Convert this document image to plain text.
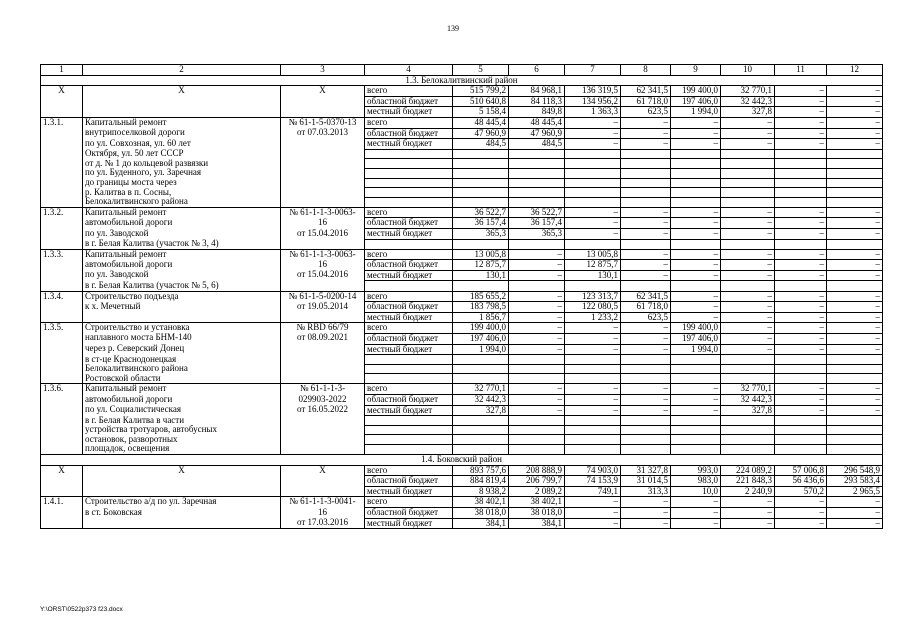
139
1	2	3	4	5	6	7	8	9	10	11	12
1.3. Белокалитвинский район											
X	X	X	всего	515 799,2	84 968,1	136 319,5	62 341,5	199 400,0	32 770,1	–	–
			областной бюджет	510 640,8	84 118,3	134 956,2	61 718,0	197 406,0	32 442,3	–	–
			местный бюджет	5 158,4	849,8	1 363,3	623,5	1 994,0	327,8	–	–
1.3.1.	Капитальный ремонт	№ 61-1-5-0370-13	всего	48 445,4	48 445,4	–	–	–	–	–	–
	внутрипоселковой дороги	от 07.03.2013	областной бюджет	47 960,9	47 960,9	–	–	–	–	–	–
	по ул. Совхозная, ул. 60 лет		местный бюджет	484,5	484,5	–	–	–	–	–	–
	Октября, ул. 50 лет СССР										
	от д. № 1 до кольцевой развязки										
	по ул. Буденного, ул. Заречная										
	до границы моста через										
	р. Калитва в п. Сосны,										
	Белокалитвинского района										
1.3.2.	Капитальный ремонт	№ 61-1-1-3-0063-	всего	36 522,7	36 522,7	–	–	–	–	–	–
	автомобильной дороги	16	областной бюджет	36 157,4	36 157,4	–	–	–	–	–	–
	по ул. Заводской	от 15.04.2016	местный бюджет	365,3	365,3	–	–	–	–	–	–
	в г. Белая Калитва (участок № 3, 4)										
1.3.3.	Капитальный ремонт	№ 61-1-1-3-0063-	всего	13 005,8	–	13 005,8	–	–	–	–	–
	автомобильной дороги	16	областной бюджет	12 875,7	–	12 875,7	–	–	–	–	–
	по ул. Заводской	от 15.04.2016	местный бюджет	130,1	–	130,1	–	–	–	–	–
	в г. Белая Калитва (участок № 5, 6)										
1.3.4.	Строительство подъезда	№ 61-1-5-0200-14	всего	185 655,2	–	123 313,7	62 341,5	–	–	–	–
	к х. Мечетный	от 19.05.2014	областной бюджет	183 798,5	–	122 080,5	61 718,0	–	–	–	–
			местный бюджет	1 856,7	–	1 233,2	623,5	–	–	–	–
1.3.5.	Строительство и установка	№ RBD 66/79	всего	199 400,0	–	–	–	199 400,0	–	–	–
	наплавного моста БНМ-140	от 08.09.2021	областной бюджет	197 406,0	–	–	–	197 406,0	–	–	–
	через р. Северский Донец		местный бюджет	1 994,0	–	–	–	1 994,0	–	–	–
	в ст-це Краснодонецкая										
	Белокалитвинского района										
	Ростовской области										
1.3.6.	Капитальный ремонт	№ 61-1-1-3-	всего	32 770,1	–	–	–	–	32 770,1	–	–
	автомобильной дороги	029903-2022	областной бюджет	32 442,3	–	–	–	–	32 442,3	–	–
	по ул. Социалистическая	от 16.05.2022	местный бюджет	327,8	–	–	–	–	327,8	–	–
	в г. Белая Калитва в части										
	устройства тротуаров, автобусных										
	остановок, разворотных										
	площадок, освещения										
1.4. Боковский район											
X	X	X	всего	893 757,6	208 888,9	74 903,0	31 327,8	993,0	224 089,2	57 006,8	296 548,9
			областной бюджет	884 819,4	206 799,7	74 153,9	31 014,5	983,0	221 848,3	56 436,6	293 583,4
			местный бюджет	8 938,2	2 089,2	749,1	313,3	10,0	2 240,9	570,2	2 965,5
1.4.1.	Строительство а/д по ул. Заречная	№ 61-1-1-3-0041-	всего	38 402,1	38 402,1	–	–	–	–	–	–
	в ст. Боковская	16	областной бюджет	38 018,0	38 018,0	–	–	–	–	–	–
		от 17.03.2016	местный бюджет	384,1	384,1	–	–	–	–	–	–
Y:\ORST\0522p373 f23.docx
